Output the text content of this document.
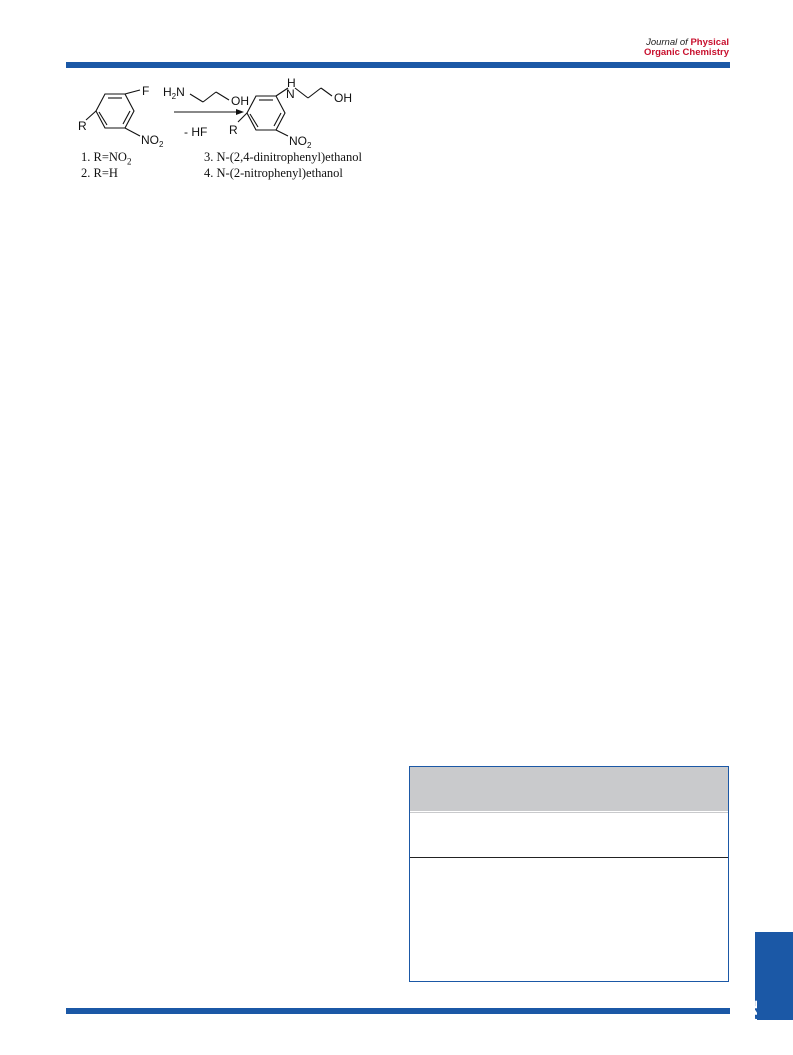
Journal of Physical
Organic Chemistry
F
$NO_2$
R
$H_2N$
OH
H
N	OH
R
$NO_2$
- HF
1. $R=NO_2$
2. R=H
3. N-(2,4-dinitrophenyl)ethanol
4. N-(2-nitrophenyl)ethanol
715
